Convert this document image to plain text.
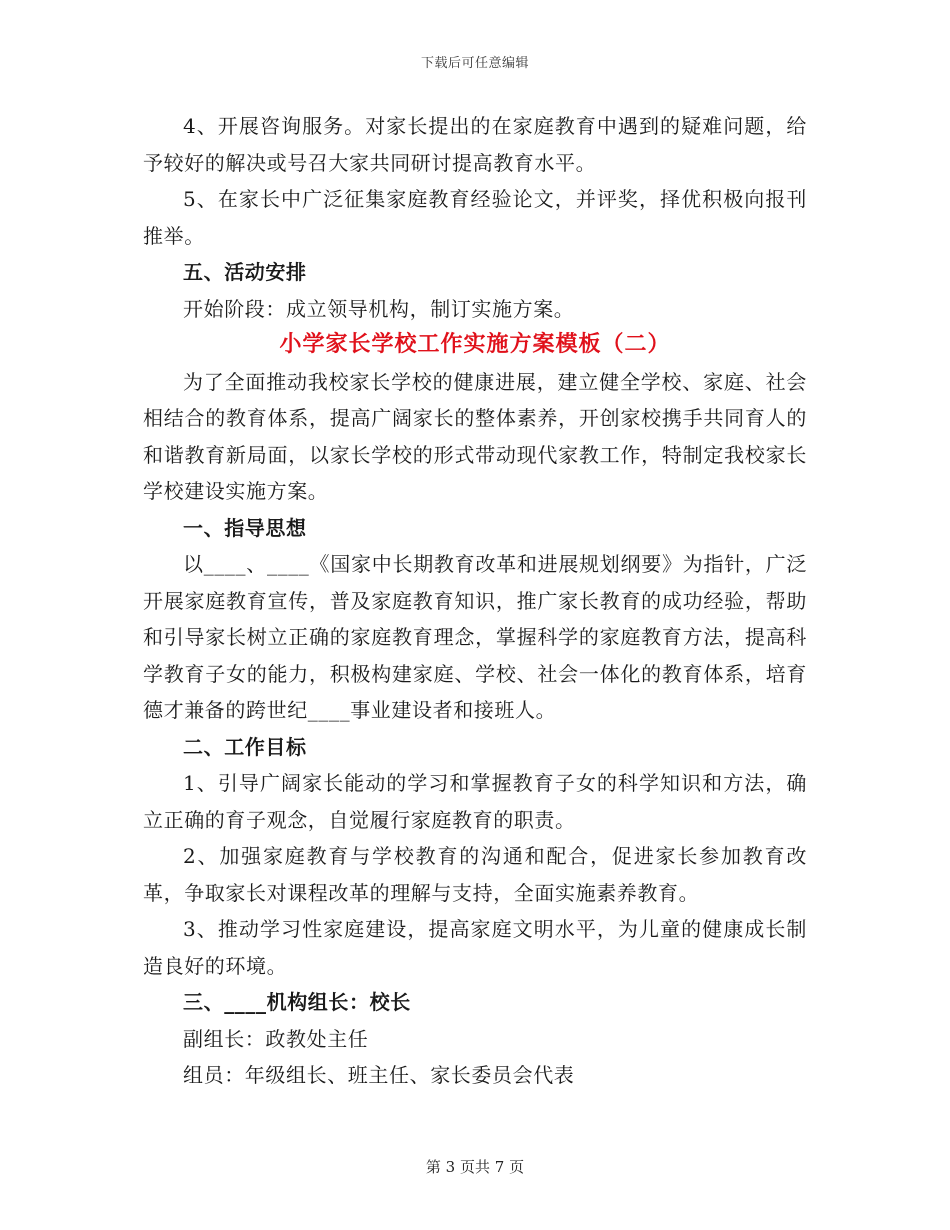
下载后可任意编辑

4、开展咨询服务。对家长提出的在家庭教育中遇到的疑难问题，给予较好的解决或号召大家共同研讨提高教育水平。

5、在家长中广泛征集家庭教育经验论文，并评奖，择优积极向报刊推举。

五、活动安排

开始阶段：成立领导机构，制订实施方案。

小学家长学校工作实施方案模板（二）

为了全面推动我校家长学校的健康进展，建立健全学校、家庭、社会相结合的教育体系，提高广阔家长的整体素养，开创家校携手共同育人的和谐教育新局面，以家长学校的形式带动现代家教工作，特制定我校家长学校建设实施方案。

一、指导思想

以____、____《国家中长期教育改革和进展规划纲要》为指针，广泛开展家庭教育宣传，普及家庭教育知识，推广家长教育的成功经验，帮助和引导家长树立正确的家庭教育理念，掌握科学的家庭教育方法，提高科学教育子女的能力，积极构建家庭、学校、社会一体化的教育体系，培育德才兼备的跨世纪____事业建设者和接班人。

二、工作目标

1、引导广阔家长能动的学习和掌握教育子女的科学知识和方法，确立正确的育子观念，自觉履行家庭教育的职责。

2、加强家庭教育与学校教育的沟通和配合，促进家长参加教育改革，争取家长对课程改革的理解与支持，全面实施素养教育。

3、推动学习性家庭建设，提高家庭文明水平，为儿童的健康成长制造良好的环境。

三、____机构组长：校长

副组长：政教处主任

组员：年级组长、班主任、家长委员会代表

第 3 页共 7 页
